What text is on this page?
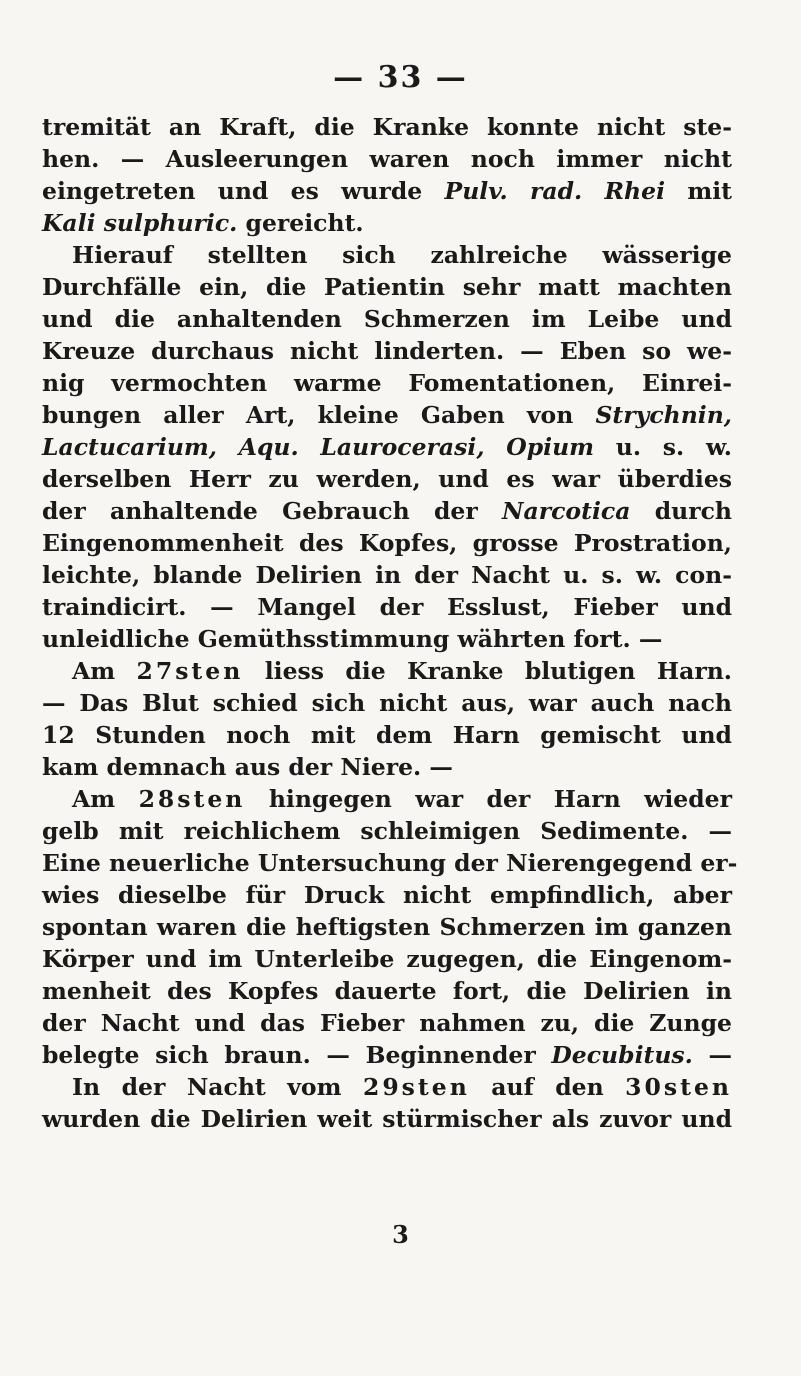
— 33 —
tremität an Kraft, die Kranke konnte nicht ste-
hen. — Ausleerungen waren noch immer nicht
eingetreten und es wurde Pulv. rad. Rhei mit
Kali sulphuric. gereicht.
Hierauf stellten sich zahlreiche wässerige
Durchfälle ein, die Patientin sehr matt machten
und die anhaltenden Schmerzen im Leibe und
Kreuze durchaus nicht linderten. — Eben so we-
nig vermochten warme Fomentationen, Einrei-
bungen aller Art, kleine Gaben von Strychnin,
Lactucarium, Aqu. Laurocerasi, Opium u. s. w.
derselben Herr zu werden, und es war überdies
der anhaltende Gebrauch der Narcotica durch
Eingenommenheit des Kopfes, grosse Prostration,
leichte, blande Delirien in der Nacht u. s. w. con-
traindicirt. — Mangel der Esslust, Fieber und
unleidliche Gemüthsstimmung währten fort. —
Am 27sten liess die Kranke blutigen Harn.
— Das Blut schied sich nicht aus, war auch nach
12 Stunden noch mit dem Harn gemischt und
kam demnach aus der Niere. —
Am 28sten hingegen war der Harn wieder
gelb mit reichlichem schleimigen Sedimente. —
Eine neuerliche Untersuchung der Nierengegend er-
wies dieselbe für Druck nicht empfindlich, aber
spontan waren die heftigsten Schmerzen im ganzen
Körper und im Unterleibe zugegen, die Eingenom-
menheit des Kopfes dauerte fort, die Delirien in
der Nacht und das Fieber nahmen zu, die Zunge
belegte sich braun. — Beginnender Decubitus. —
In der Nacht vom 29sten auf den 30sten
wurden die Delirien weit stürmischer als zuvor und
3
